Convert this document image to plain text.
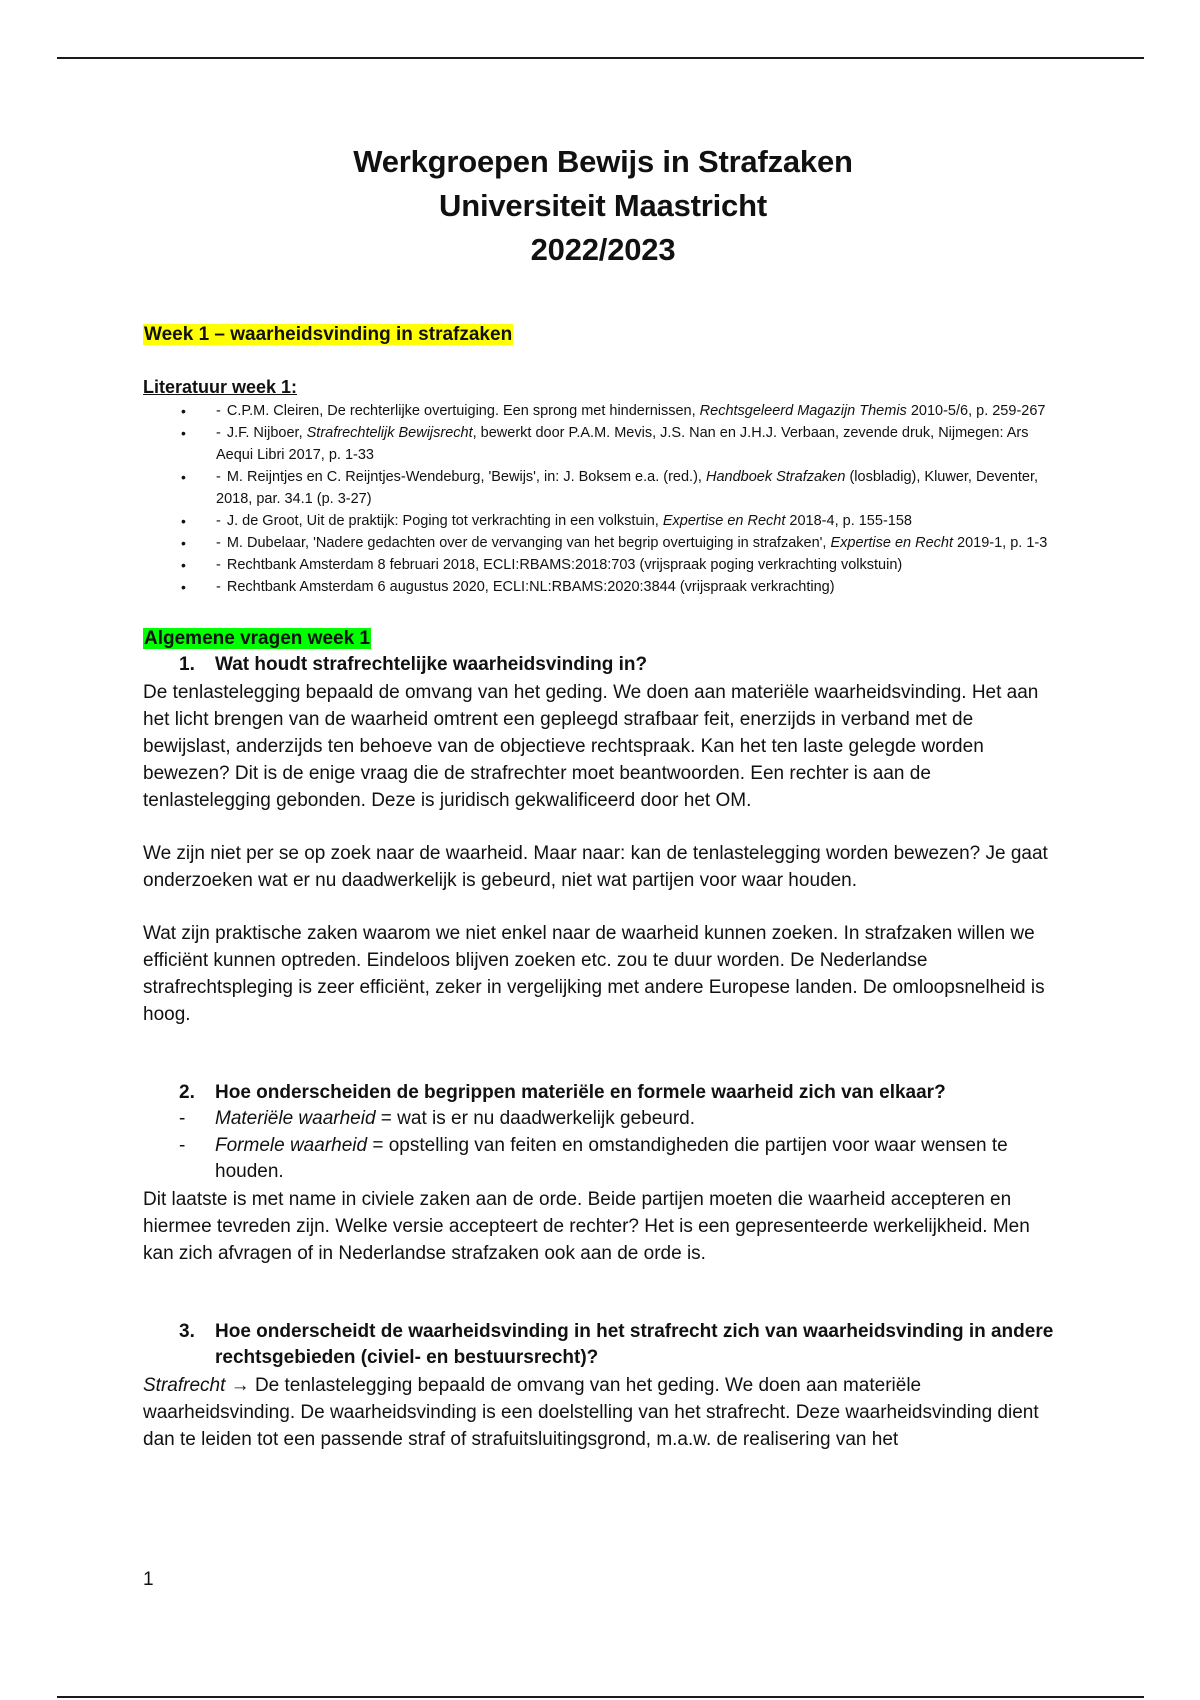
Werkgroepen Bewijs in Strafzaken
Universiteit Maastricht
2022/2023

Week 1 – waarheidsvinding in strafzaken

Literatuur week 1:

• - C.P.M. Cleiren, De rechterlijke overtuiging. Een sprong met hindernissen, Rechtsgeleerd Magazijn Themis 2010-5/6, p. 259-267
• - J.F. Nijboer, Strafrechtelijk Bewijsrecht, bewerkt door P.A.M. Mevis, J.S. Nan en J.H.J. Verbaan, zevende druk, Nijmegen: Ars Aequi Libri 2017, p. 1-33
• - M. Reijntjes en C. Reijntjes-Wendeburg, 'Bewijs', in: J. Boksem e.a. (red.), Handboek Strafzaken (losbladig), Kluwer, Deventer, 2018, par. 34.1 (p. 3-27)
• - J. de Groot, Uit de praktijk: Poging tot verkrachting in een volkstuin, Expertise en Recht 2018-4, p. 155-158
• - M. Dubelaar, 'Nadere gedachten over de vervanging van het begrip overtuiging in strafzaken', Expertise en Recht 2019-1, p. 1-3
• - Rechtbank Amsterdam 8 februari 2018, ECLI:RBAMS:2018:703 (vrijspraak poging verkrachting volkstuin)
• - Rechtbank Amsterdam 6 augustus 2020, ECLI:NL:RBAMS:2020:3844 (vrijspraak verkrachting)

Algemene vragen week 1

1. Wat houdt strafrechtelijke waarheidsvinding in?

De tenlastelegging bepaald de omvang van het geding. We doen aan materiële waarheidsvinding. Het aan het licht brengen van de waarheid omtrent een gepleegd strafbaar feit, enerzijds in verband met de bewijslast, anderzijds ten behoeve van de objectieve rechtspraak. Kan het ten laste gelegde worden bewezen? Dit is de enige vraag die de strafrechter moet beantwoorden. Een rechter is aan de tenlastelegging gebonden. Deze is juridisch gekwalificeerd door het OM.

We zijn niet per se op zoek naar de waarheid. Maar naar: kan de tenlastelegging worden bewezen? Je gaat onderzoeken wat er nu daadwerkelijk is gebeurd, niet wat partijen voor waar houden.

Wat zijn praktische zaken waarom we niet enkel naar de waarheid kunnen zoeken. In strafzaken willen we efficiënt kunnen optreden. Eindeloos blijven zoeken etc. zou te duur worden. De Nederlandse strafrechtspleging is zeer efficiënt, zeker in vergelijking met andere Europese landen. De omloopsnelheid is hoog.

2. Hoe onderscheiden de begrippen materiële en formele waarheid zich van elkaar?

- Materiële waarheid = wat is er nu daadwerkelijk gebeurd.
- Formele waarheid = opstelling van feiten en omstandigheden die partijen voor waar wensen te houden.

Dit laatste is met name in civiele zaken aan de orde. Beide partijen moeten die waarheid accepteren en hiermee tevreden zijn. Welke versie accepteert de rechter? Het is een gepresenteerde werkelijkheid. Men kan zich afvragen of in Nederlandse strafzaken ook aan de orde is.

3. Hoe onderscheidt de waarheidsvinding in het strafrecht zich van waarheidsvinding in andere rechtsgebieden (civiel- en bestuursrecht)?

Strafrecht → De tenlastelegging bepaald de omvang van het geding. We doen aan materiële waarheidsvinding. De waarheidsvinding is een doelstelling van het strafrecht. Deze waarheidsvinding dient dan te leiden tot een passende straf of strafuitsluitingsgrond, m.a.w. de realisering van het

1
